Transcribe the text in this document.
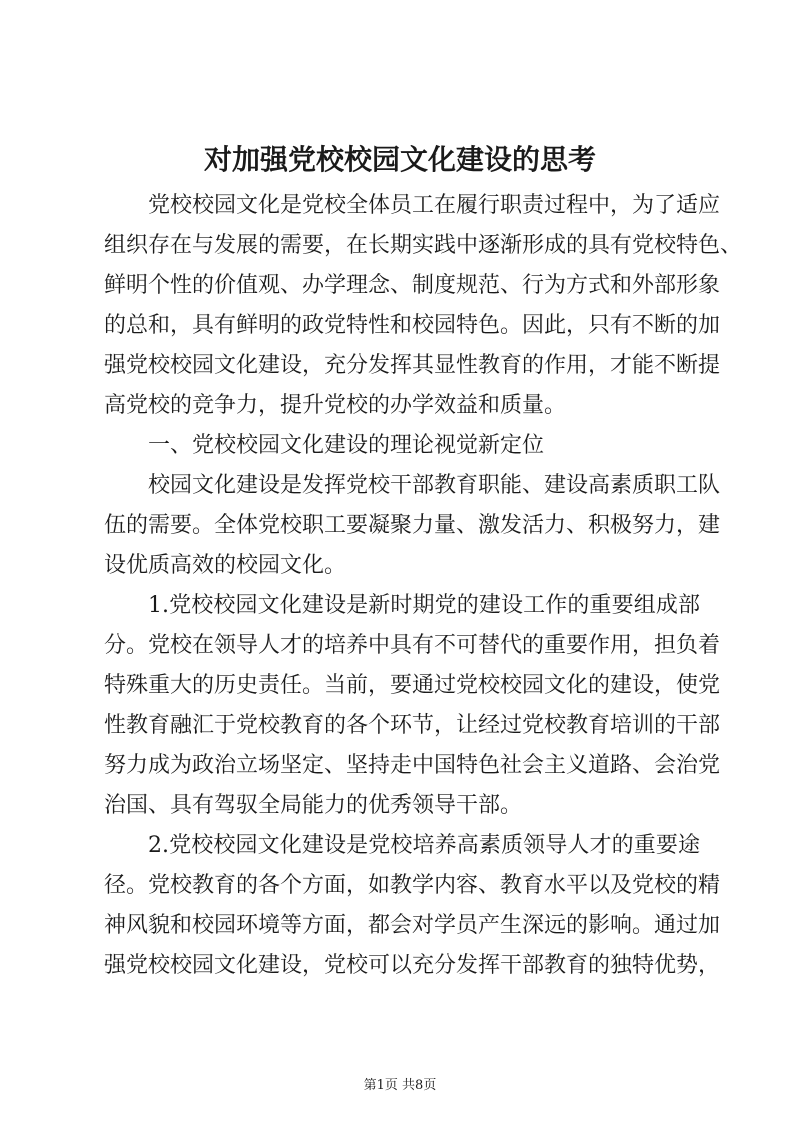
对加强党校校园文化建设的思考
党校校园文化是党校全体员工在履行职责过程中，为了适应
组织存在与发展的需要，在长期实践中逐渐形成的具有党校特色、
鲜明个性的价值观、办学理念、制度规范、行为方式和外部形象
的总和，具有鲜明的政党特性和校园特色。因此，只有不断的加
强党校校园文化建设，充分发挥其显性教育的作用，才能不断提
高党校的竞争力，提升党校的办学效益和质量。
一、党校校园文化建设的理论视觉新定位
校园文化建设是发挥党校干部教育职能、建设高素质职工队
伍的需要。全体党校职工要凝聚力量、激发活力、积极努力，建
设优质高效的校园文化。
1.党校校园文化建设是新时期党的建设工作的重要组成部
分。党校在领导人才的培养中具有不可替代的重要作用，担负着
特殊重大的历史责任。当前，要通过党校校园文化的建设，使党
性教育融汇于党校教育的各个环节，让经过党校教育培训的干部
努力成为政治立场坚定、坚持走中国特色社会主义道路、会治党
治国、具有驾驭全局能力的优秀领导干部。
2.党校校园文化建设是党校培养高素质领导人才的重要途
径。党校教育的各个方面，如教学内容、教育水平以及党校的精
神风貌和校园环境等方面，都会对学员产生深远的影响。通过加
强党校校园文化建设，党校可以充分发挥干部教育的独特优势，
第1页 共8页
